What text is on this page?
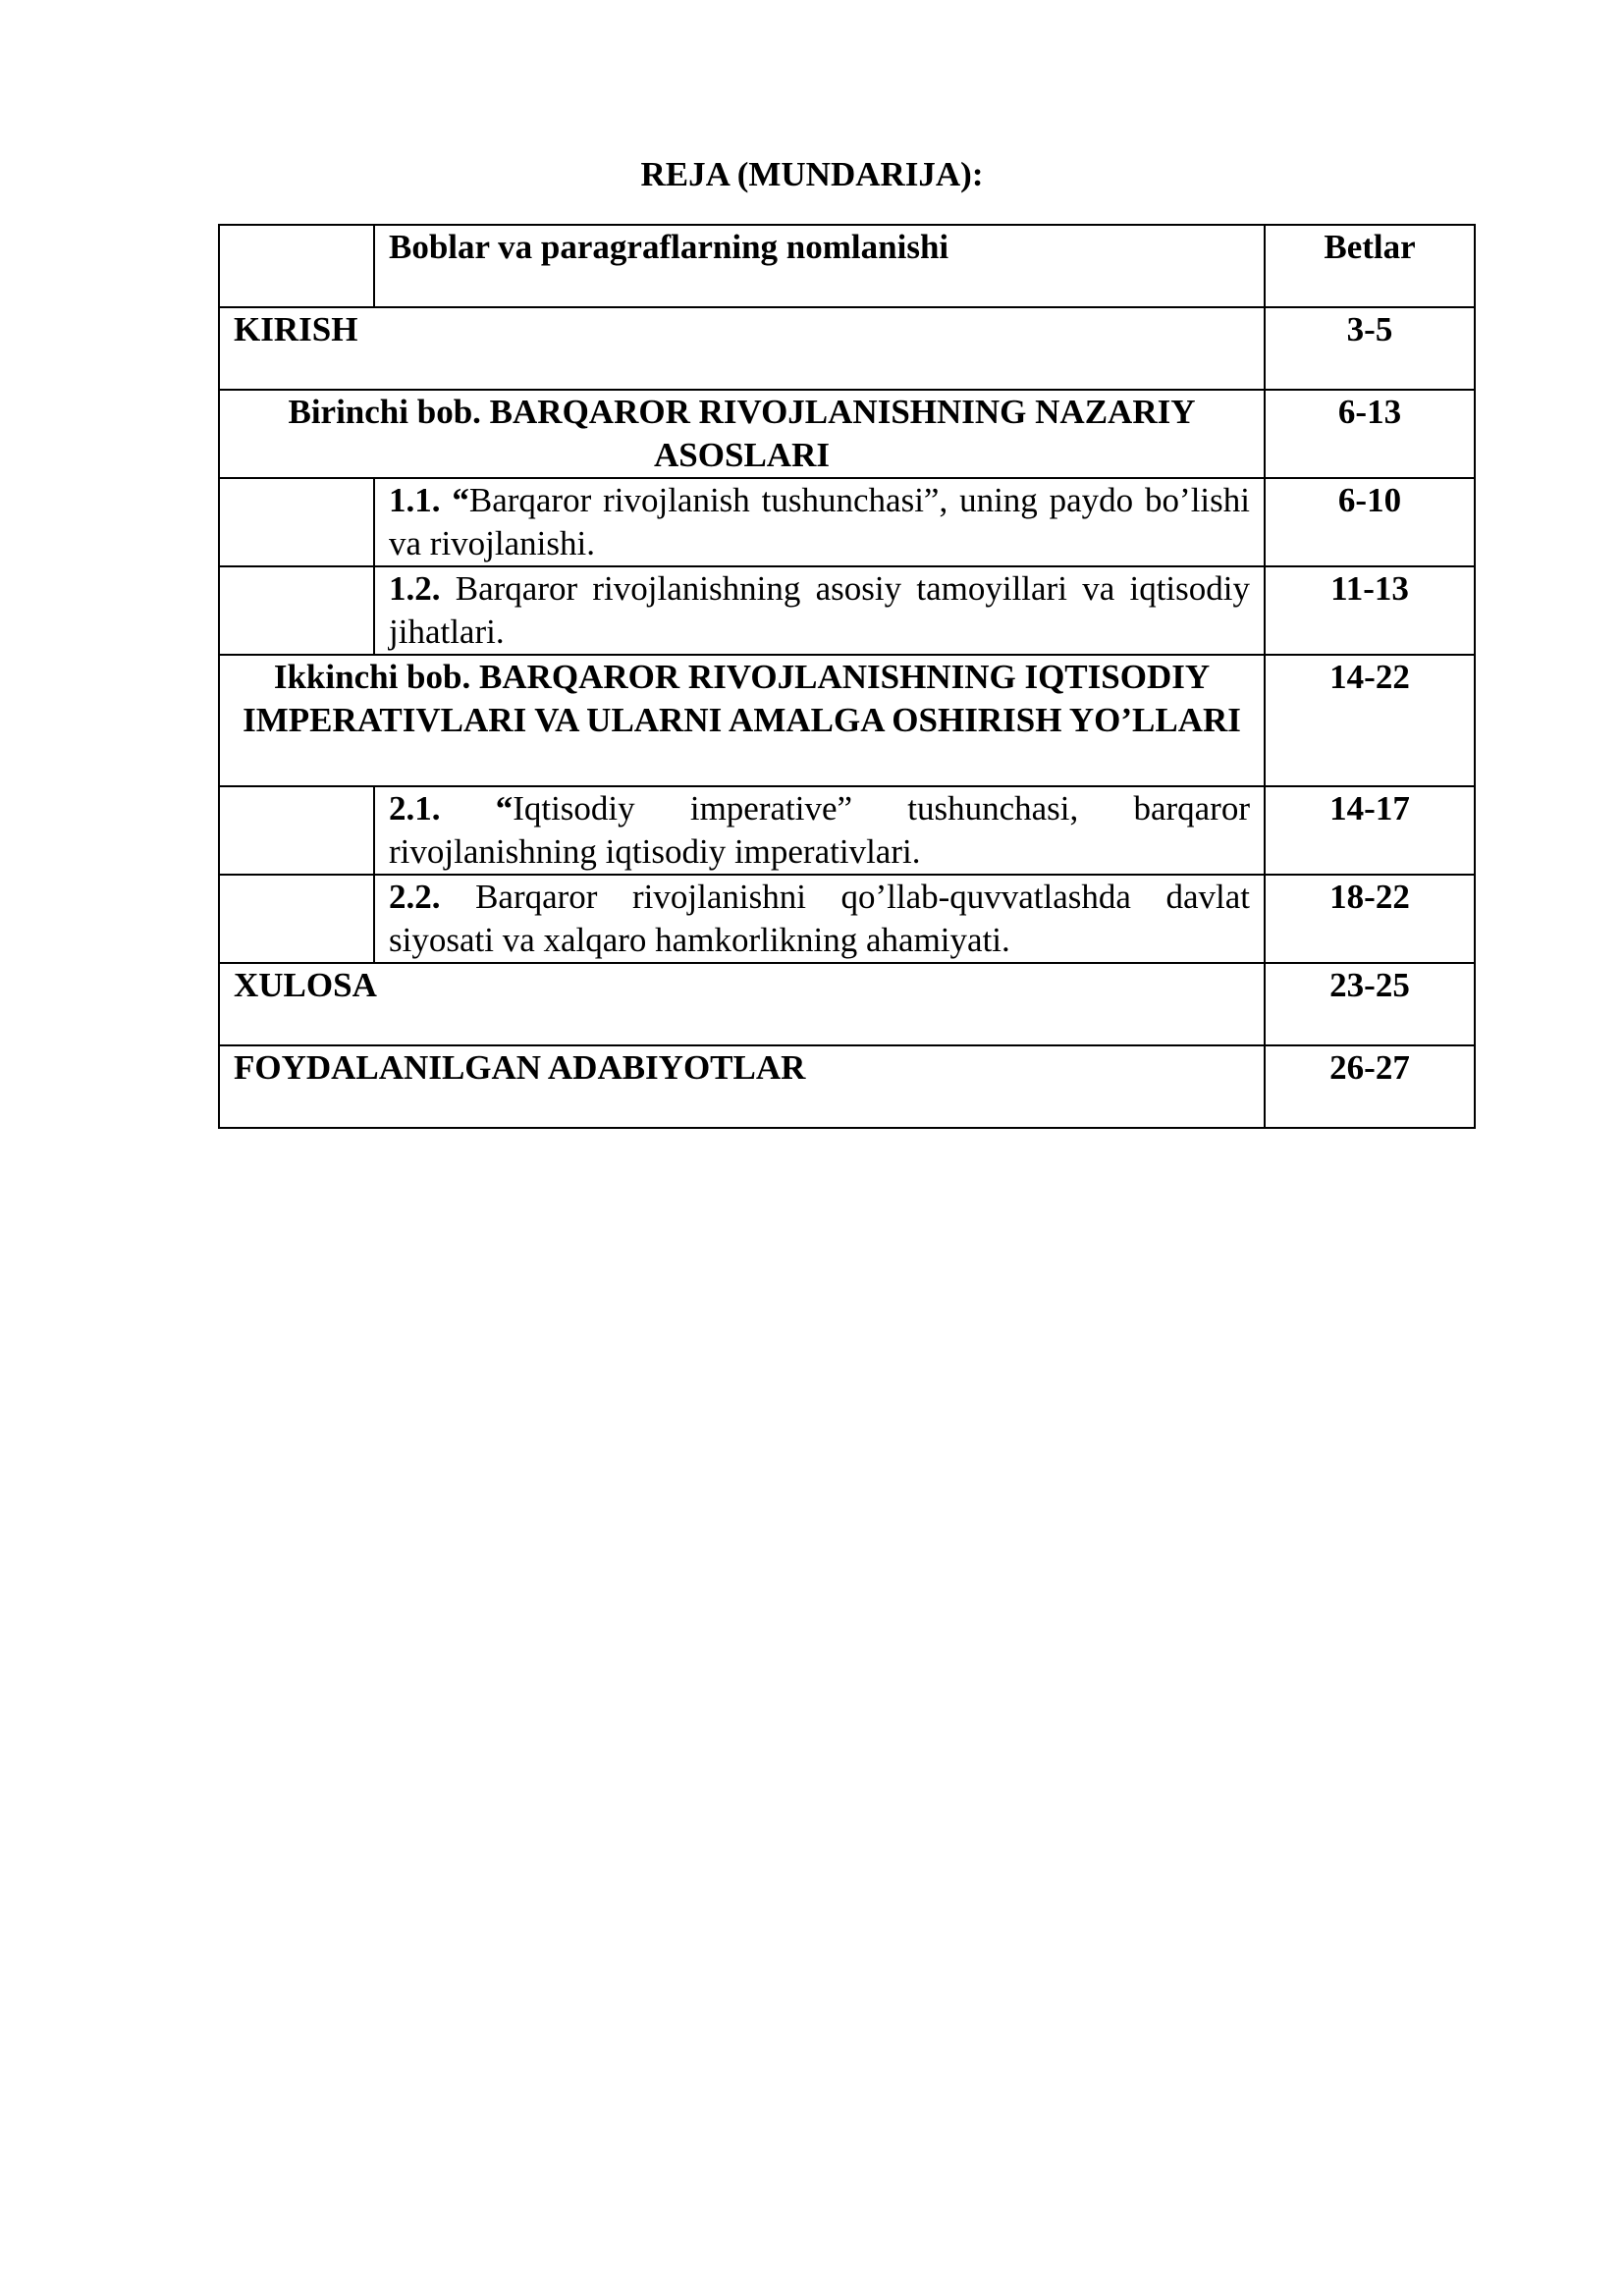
REJA (MUNDARIJA):
	Boblar va paragraflarning nomlanishi	Betlar
KIRISH		3-5
Birinchi bob. BARQAROR RIVOJLANISHNING NAZARIY ASOSLARI		6-13
	1.1. “Barqaror rivojlanish tushunchasi”, uning paydo bo’lishi va rivojlanishi.	6-10
	1.2. Barqaror rivojlanishning asosiy tamoyillari va iqtisodiy jihatlari.	11-13
Ikkinchi bob. BARQAROR RIVOJLANISHNING IQTISODIY IMPERATIVLARI VA ULARNI AMALGA OSHIRISH YO’LLARI		14-22
	2.1. “Iqtisodiy imperative” tushunchasi, barqaror rivojlanishning iqtisodiy imperativlari.	14-17
	2.2. Barqaror rivojlanishni qo’llab-quvvatlashda davlat siyosati va xalqaro hamkorlikning ahamiyati.	18-22
XULOSA		23-25
FOYDALANILGAN ADABIYOTLAR		26-27
